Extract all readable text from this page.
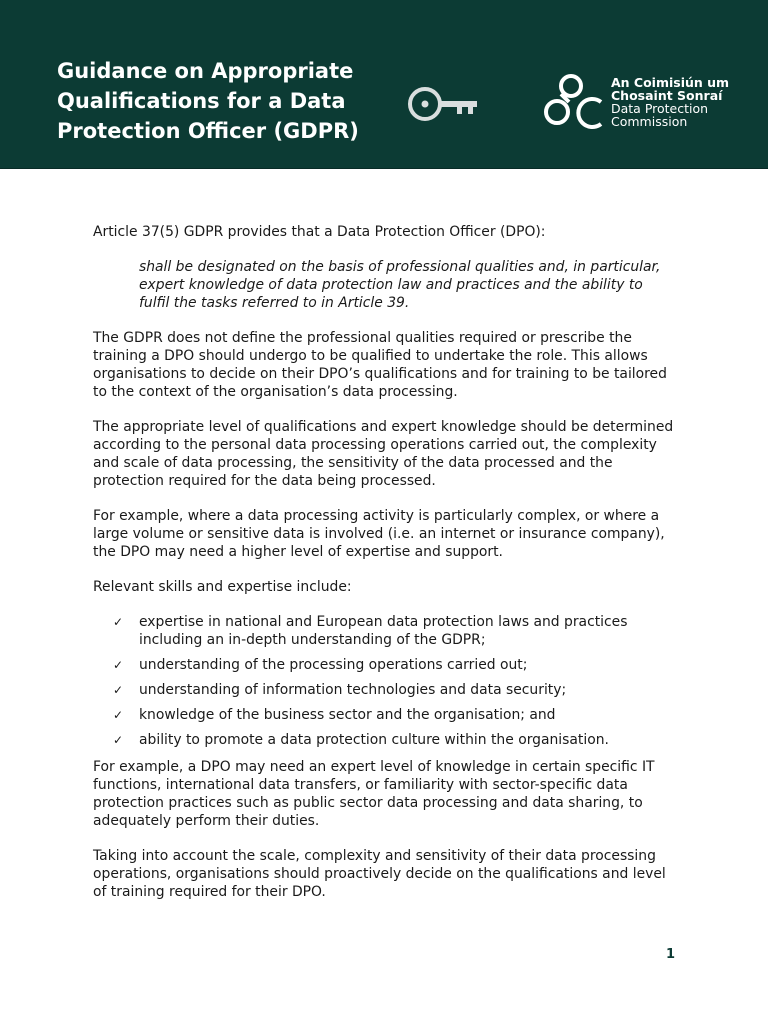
Guidance on Appropriate
Qualifications for a Data
Protection Officer (GDPR)
An Coimisiún um
Chosaint Sonraí
Data Protection
Commission

Article 37(5) GDPR provides that a Data Protection Officer (DPO):

shall be designated on the basis of professional qualities and, in particular, expert knowledge of data protection law and practices and the ability to fulfil the tasks referred to in Article 39.

The GDPR does not define the professional qualities required or prescribe the training a DPO should undergo to be qualified to undertake the role. This allows organisations to decide on their DPO’s qualifications and for training to be tailored to the context of the organisation’s data processing.

The appropriate level of qualifications and expert knowledge should be determined according to the personal data processing operations carried out, the complexity and scale of data processing, the sensitivity of the data processed and the protection required for the data being processed.

For example, where a data processing activity is particularly complex, or where a large volume or sensitive data is involved (i.e. an internet or insurance company), the DPO may need a higher level of expertise and support.

Relevant skills and expertise include:

✓ expertise in national and European data protection laws and practices including an in-depth understanding of the GDPR;
✓ understanding of the processing operations carried out;
✓ understanding of information technologies and data security;
✓ knowledge of the business sector and the organisation; and
✓ ability to promote a data protection culture within the organisation.

For example, a DPO may need an expert level of knowledge in certain specific IT functions, international data transfers, or familiarity with sector-specific data protection practices such as public sector data processing and data sharing, to adequately perform their duties.

Taking into account the scale, complexity and sensitivity of their data processing operations, organisations should proactively decide on the qualifications and level of training required for their DPO.

1
